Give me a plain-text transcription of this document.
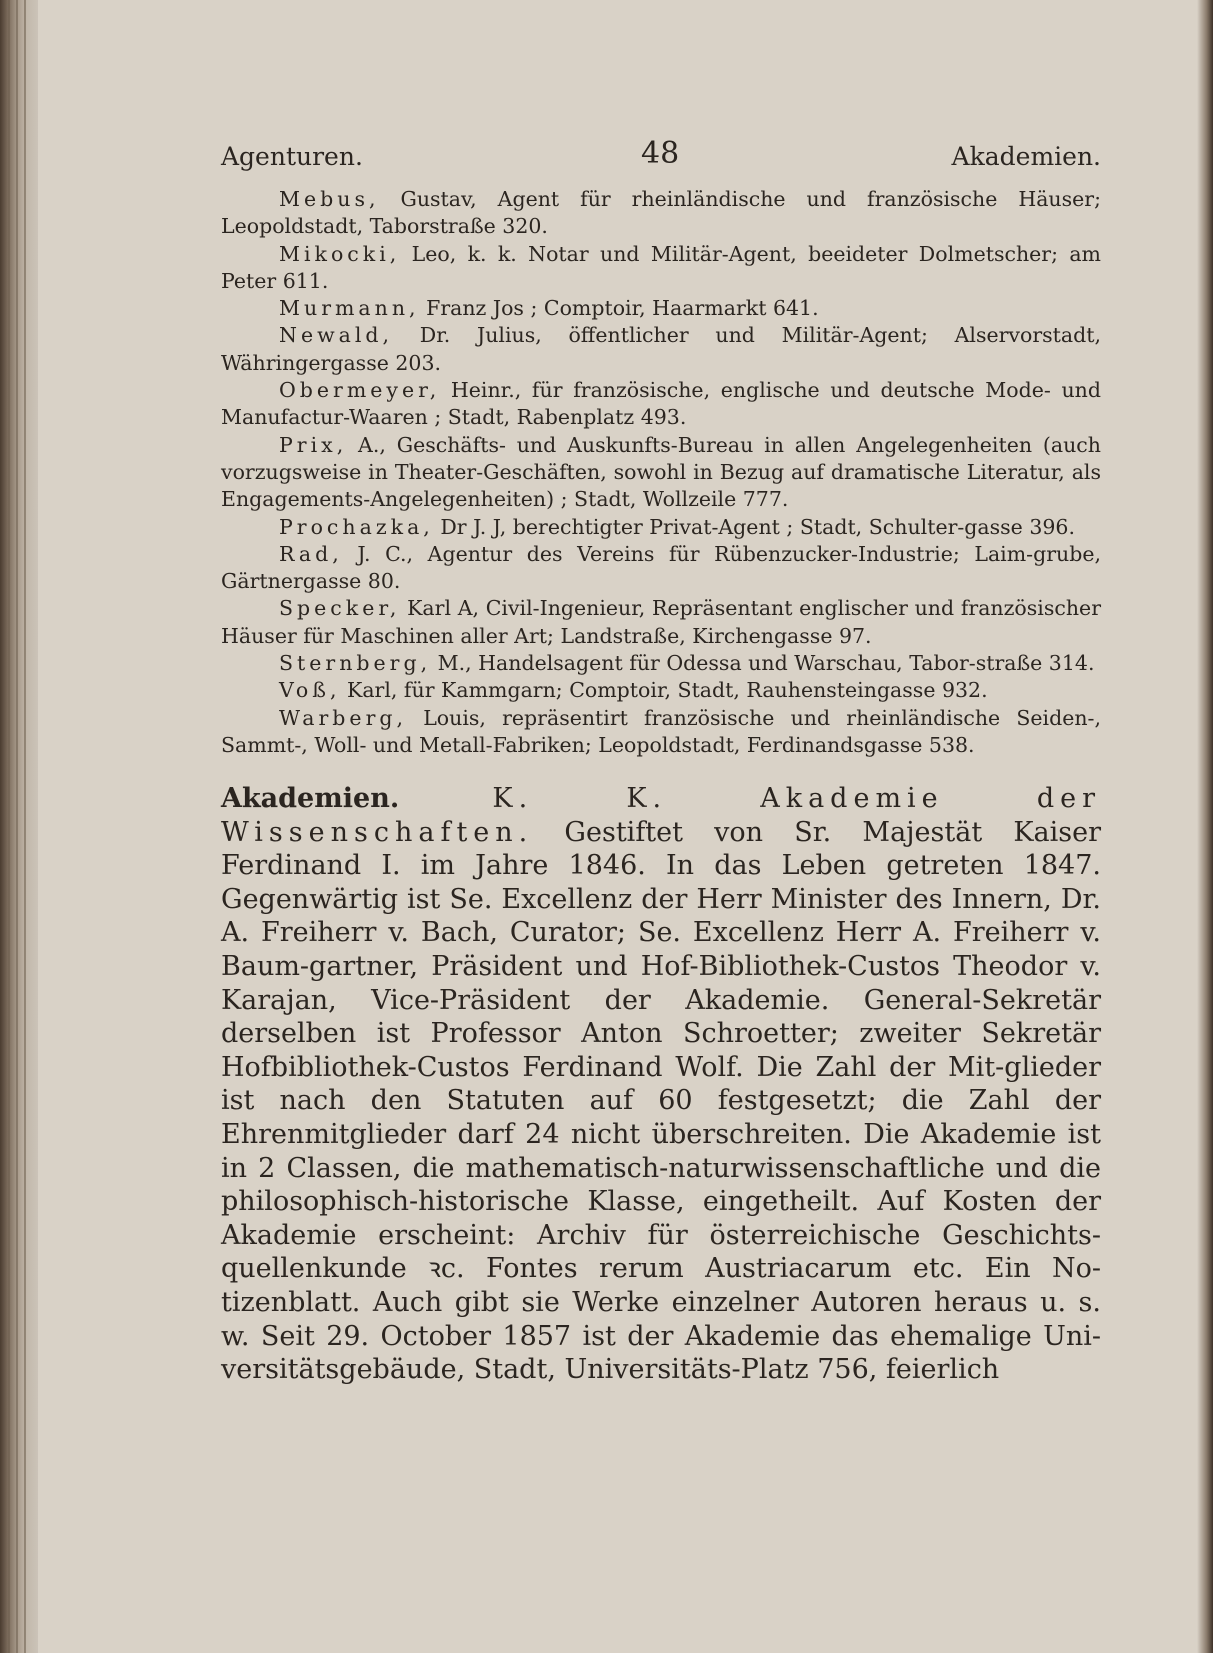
Agenturen.	48	Akademien.

Mebus, Gustav, Agent für rheinländische und französische Häuser; Leopoldstadt, Taborstraße 320.

Mikocki, Leo, k. k. Notar und Militär-Agent, beeideter Dolmetscher; am Peter 611.

Murmann, Franz Jos ; Comptoir, Haarmarkt 641.

Newald, Dr. Julius, öffentlicher und Militär-Agent; Alservorstadt, Währingergasse 203.

Obermeyer, Heinr., für französische, englische und deutsche Mode- und Manufactur-Waaren ; Stadt, Rabenplatz 493.

Prix, A., Geschäfts- und Auskunfts-Bureau in allen Angelegenheiten (auch vorzugsweise in Theater-Geschäften, sowohl in Bezug auf dramatische Literatur, als Engagements-Angelegenheiten) ; Stadt, Wollzeile 777.

Prochazka, Dr J. J, berechtigter Privat-Agent ; Stadt, Schulter-gasse 396.

Rad, J. C., Agentur des Vereins für Rübenzucker-Industrie; Laim-grube, Gärtnergasse 80.

Specker, Karl A, Civil-Ingenieur, Repräsentant englischer und französischer Häuser für Maschinen aller Art; Landstraße, Kirchengasse 97.

Sternberg, M., Handelsagent für Odessa und Warschau, Tabor-straße 314.

Voß, Karl, für Kammgarn; Comptoir, Stadt, Rauhensteingasse 932.

Warberg, Louis, repräsentirt französische und rheinländische Seiden-, Sammt-, Woll- und Metall-Fabriken; Leopoldstadt, Ferdinandsgasse 538.

Akademien. K. K. Akademie der Wissenschaften. Gestiftet von Sr. Majestät Kaiser Ferdinand I. im Jahre 1846. In das Leben getreten 1847. Gegenwärtig ist Se. Excellenz der Herr Minister des Innern, Dr. A. Freiherr v. Bach, Curator; Se. Excellenz Herr A. Freiherr v. Baum-gartner, Präsident und Hof-Bibliothek-Custos Theodor v. Karajan, Vice-Präsident der Akademie. General-Sekretär derselben ist Professor Anton Schroetter; zweiter Sekretär Hofbibliothek-Custos Ferdinand Wolf. Die Zahl der Mit-glieder ist nach den Statuten auf 60 festgesetzt; die Zahl der Ehrenmitglieder darf 24 nicht überschreiten. Die Akademie ist in 2 Classen, die mathematisch-naturwissenschaftliche und die philosophisch-historische Klasse, eingetheilt. Auf Kosten der Akademie erscheint: Archiv für österreichische Geschichts-quellenkunde ꝛc. Fontes rerum Austriacarum etc. Ein No-tizenblatt. Auch gibt sie Werke einzelner Autoren heraus u. s. w. Seit 29. October 1857 ist der Akademie das ehemalige Uni-versitätsgebäude, Stadt, Universitäts-Platz 756, feierlich
